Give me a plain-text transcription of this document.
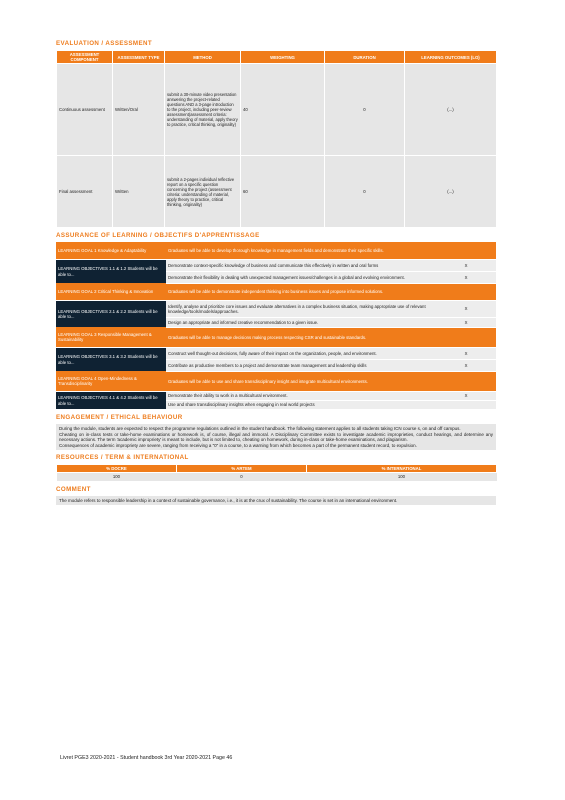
EVALUATION / ASSESSMENT
ASSESSMENT COMPONENT	ASSESSMENT TYPE	METHOD	WEIGHTING	DURATION	LEARNING OUTCOMES (LO)
Continuous assessment	Written/Oral	submit a 30-minute video presentation answering the project-related questions AND a 3-page introduction to the project, including peer-review assessment(assessment criteria: understanding of material, apply theory to practice, critical thinking, originality)	40	0	(...)
Final assessment	Written	submit a 2-pages individual reflective report on a specific question concerning the project (assessment criteria: understanding of material, apply theory to practice, critical thinking, originality)	60	0	(...)
ASSURANCE OF LEARNING / OBJECTIFS D'APPRENTISSAGE
LEARNING GOAL 1 Knowledge & Adaptability	Graduates will be able to develop thorough knowledge in management fields and demonstrate their specific skills.	
LEARNING OBJECTIVES 1.1 & 1.2 Students will be able to...	Demonstrate context-specific knowledge of business and communicate this effectively in written and oral forms	X
	Demonstrate their flexibility in dealing with unexpected management issues/challenges in a global and evolving environment.	X
LEARNING GOAL 2 Critical Thinking & Innovation	Graduates will be able to demonstrate independent thinking into business issues and propose informed solutions.	
LEARNING OBJECTIVES 2.1 & 2.2 Students will be able to...	Identify, analyse and prioritize core issues and evaluate alternatives in a complex business situation, making appropriate use of relevant knowledge/tools/models/approaches.	X
	Design an appropriate and informed creative recommendation to a given issue.	X
LEARNING GOAL 3 Responsible Management & Sustainability	Graduates will be able to manage decisions making process respecting CSR and sustainable standards.	
LEARNING OBJECTIVES 3.1 & 3.2 Students will be able to...	Construct well thought-out decisions, fully aware of their impact on the organization, people, and environment.	X
	Contribute as productive members to a project and demonstrate team management and leadership skills	X
LEARNING GOAL 4 Open-Mindedness & Transdisciplinarity	Graduates will be able to use and share transdisciplinary insight and integrate multicultural environments.	
LEARNING OBJECTIVES 4.1 & 4.2 Students will be able to...	Demonstrate their ability to work in a multicultural environment.	X
	Use and share transdisciplinary insights when engaging in real world projects	
ENGAGEMENT / ETHICAL BEHAVIOUR
During the module, students are expected to respect the programme regulations outlined in the student handbook. The following statement applies to all students taking ICN course s, on and off campus.
Cheating on in-class tests or take-home examinations or homework is, of course, illegal and immoral. A Disciplinary Committee exists to investigate academic improprieties, conduct hearings, and determine any necessary actions. The term 'academic impropriety' is meant to include, but is not limited to, cheating on homework, during in-class or take-home examinations, and plagiarism.
Consequences of academic impropriety are severe, ranging from receiving a "0" in a course, to a warning from which becomes a part of the permanent student record, to expulsion.
RESOURCES / TERM & INTERNATIONAL
% DOCRE	% ARTEM	% INTERNATIONAL
100	0	100
COMMENT
The module refers to responsible leadership in a context of sustainable governance, i.e., it is at the crux of sustainability. The course is set in an international environment.
Livret PGE3 2020-2021 - Student handbook 3rd Year 2020-2021 Page 46
